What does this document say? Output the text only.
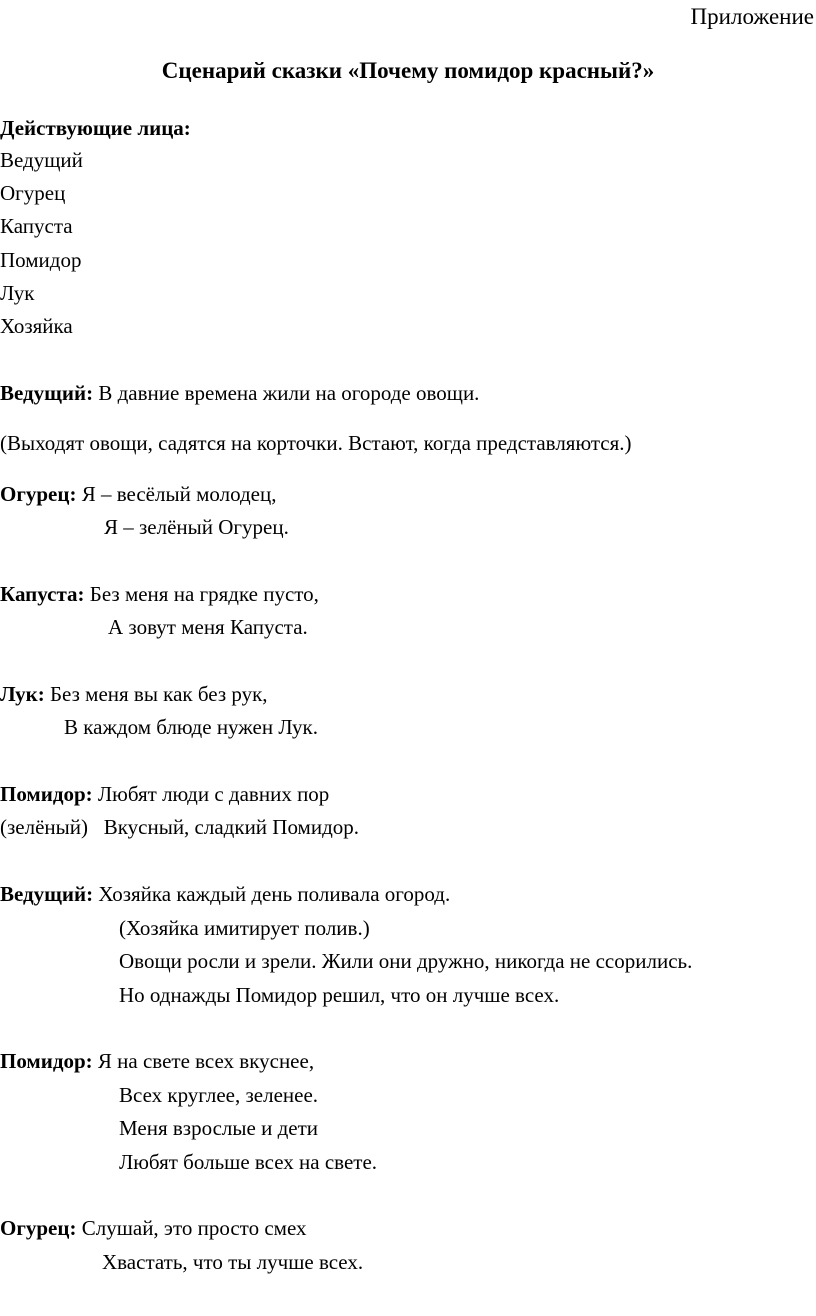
Приложение
Сценарий сказки «Почему помидор красный?»
Действующие лица:
Ведущий
Огурец
Капуста
Помидор
Лук
Хозяйка
Ведущий: В давние времена жили на огороде овощи.
(Выходят овощи, садятся на корточки. Встают, когда представляются.)
Огурец: Я – весёлый молодец,
Я – зелёный Огурец.
Капуста: Без меня на грядке пусто,
А зовут меня Капуста.
Лук: Без меня вы как без рук,
В каждом блюде нужен Лук.
Помидор: Любят люди с давних пор
(зелёный)   Вкусный, сладкий Помидор.
Ведущий: Хозяйка каждый день поливала огород.
(Хозяйка имитирует полив.)
Овощи росли и зрели. Жили они дружно, никогда не ссорились.
Но однажды Помидор решил, что он лучше всех.
Помидор: Я на свете всех вкуснее,
Всех круглее, зеленее.
Меня взрослые и дети
Любят больше всех на свете.
Огурец: Слушай, это просто смех
Хвастать, что ты лучше всех.
